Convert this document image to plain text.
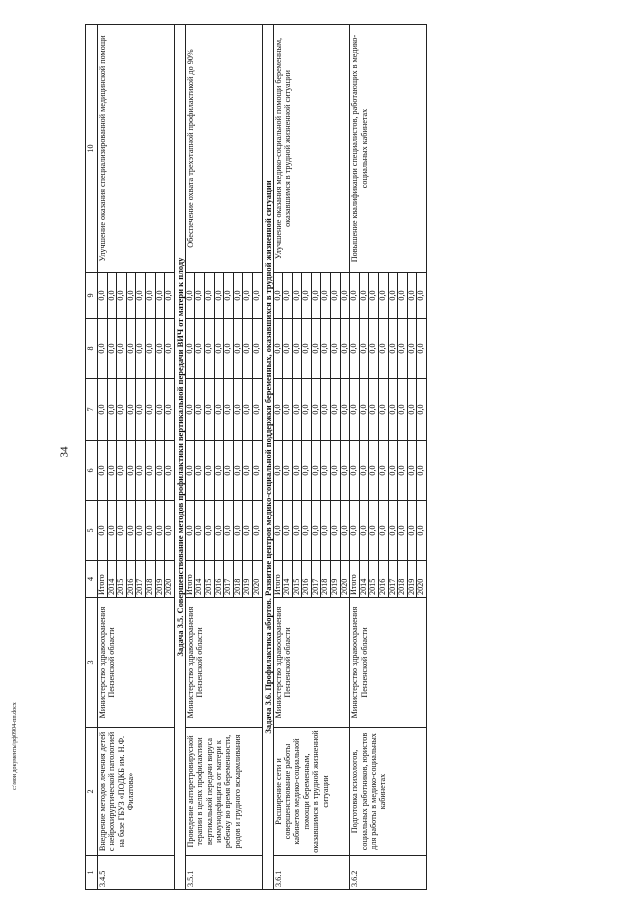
34
с:\мои документы\рф0904-пп.docx
1	2	3	4	5	6	7	8	9	10
3.4.5	Внедрение методов лечения детей с нейрохирургической патологией на базе ГБУЗ «ПОДКБ им. Н.Ф. Филатова»	Министерство здравоохранения Пензенской области	Итого	0,0	0,0	0,0	0,0	0,0	Улучшение оказания специализированной медицинской помощи
			2014	0,0	0,0	0,0	0,0	0,0	
			2015	0,0	0,0	0,0	0,0	0,0	
			2016	0,0	0,0	0,0	0,0	0,0	
			2017	0,0	0,0	0,0	0,0	0,0	
			2018	0,0	0,0	0,0	0,0	0,0	
			2019	0,0	0,0	0,0	0,0	0,0	
			2020	0,0	0,0	0,0	0,0	0,0	
Задача 3.5. Совершенствование методов профилактики вертикальной передачи ВИЧ от матери к плоду									
3.5.1	Проведение антиретровирусной терапии в целях профилактики вертикальной передачи вируса иммунодефицита от матери к ребенку во время беременности, родов и грудного вскармливания	Министерство здравоохранения Пензенской области	Итого	0,0	0,0	0,0	0,0	0,0	Обеспечение охвата трехэтапной профилактикой до 90%
			2014	0,0	0,0	0,0	0,0	0,0	
			2015	0,0	0,0	0,0	0,0	0,0	
			2016	0,0	0,0	0,0	0,0	0,0	
			2017	0,0	0,0	0,0	0,0	0,0	
			2018	0,0	0,0	0,0	0,0	0,0	
			2019	0,0	0,0	0,0	0,0	0,0	
			2020	0,0	0,0	0,0	0,0	0,0	
Задача 3.6. Профилактика абортов. Развитие центров медико-социальной поддержки беременных, оказавшихся в трудной жизненной ситуации									
3.6.1	Расширение сети и совершенствование работы кабинетов медико-социальной помощи беременным, оказавшимся в трудной жизненной ситуации	Министерство здравоохранения Пензенской области	Итого	0,0	0,0	0,0	0,0	0,0	Улучшение оказания медико-социальной помощи беременным, оказавшимся в трудной жизненной ситуации
			2014	0,0	0,0	0,0	0,0	0,0	
			2015	0,0	0,0	0,0	0,0	0,0	
			2016	0,0	0,0	0,0	0,0	0,0	
			2017	0,0	0,0	0,0	0,0	0,0	
			2018	0,0	0,0	0,0	0,0	0,0	
			2019	0,0	0,0	0,0	0,0	0,0	
			2020	0,0	0,0	0,0	0,0	0,0	
3.6.2	Подготовка психологов, социальных работников, юристов для работы в медико-социальных кабинетах	Министерство здравоохранения Пензенской области	Итого	0,0	0,0	0,0	0,0	0,0	Повышение квалификации специалистов, работающих в медико-социальных кабинетах
			2014	0,0	0,0	0,0	0,0	0,0	
			2015	0,0	0,0	0,0	0,0	0,0	
			2016	0,0	0,0	0,0	0,0	0,0	
			2017	0,0	0,0	0,0	0,0	0,0	
			2018	0,0	0,0	0,0	0,0	0,0	
			2019	0,0	0,0	0,0	0,0	0,0	
			2020	0,0	0,0	0,0	0,0	0,0	
